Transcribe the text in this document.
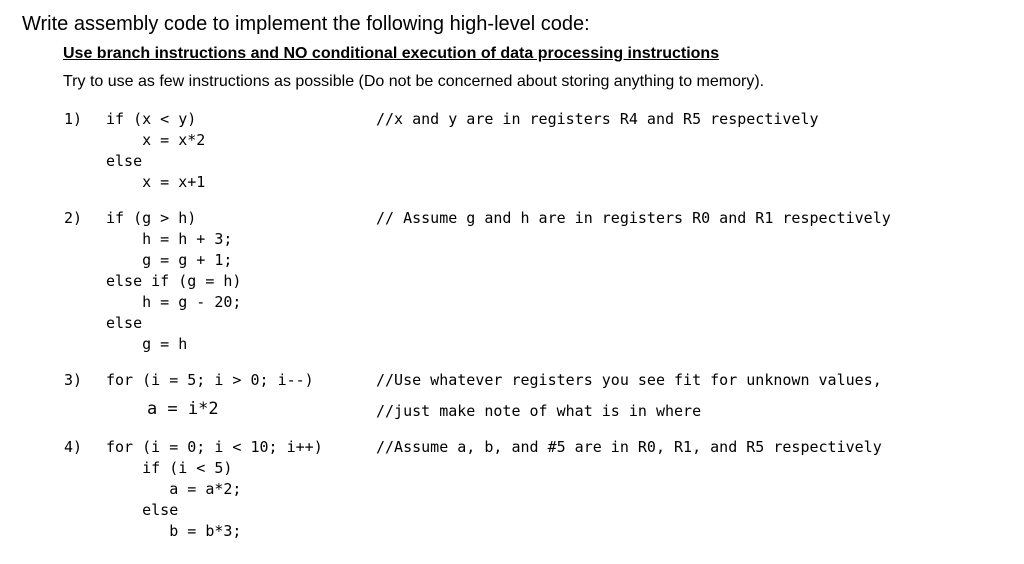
Write assembly code to implement the following high-level code:
Use branch instructions and NO conditional execution of data processing instructions
Try to use as few instructions as possible (Do not be concerned about storing anything to memory).
1) if (x < y)
x = x*2
else
x = x+1
//x and y are in registers R4 and R5 respectively
2) if (g > h)
h = h + 3;
g = g + 1;
else if (g = h)
h = g - 20;
else
g = h
// Assume g and h are in registers R0 and R1 respectively
3) for (i = 5; i > 0; i--)
a = i*2
//Use whatever registers you see fit for unknown values,
//just make note of what is in where
4) for (i = 0; i < 10; i++)
if (i < 5)
a = a*2;
else
b = b*3;
//Assume a, b, and #5 are in R0, R1, and R5 respectively
